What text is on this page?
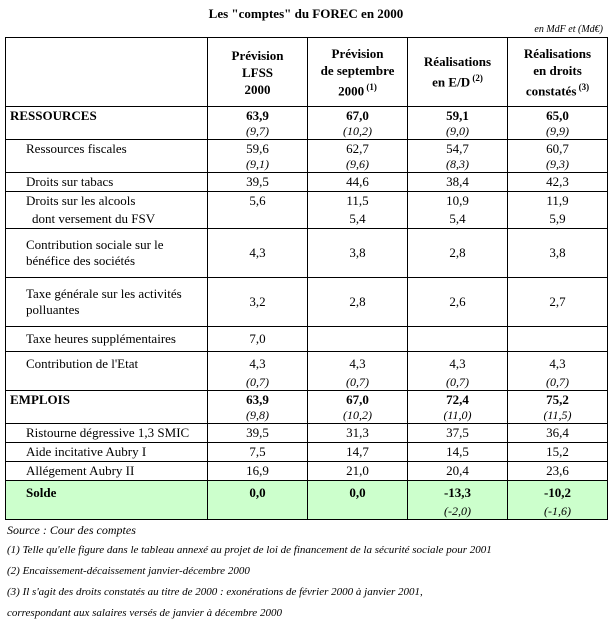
Les "comptes" du FOREC en 2000
en MdF et (Md€)
	Prévision
LFSS
2000	Prévision
de septembre
2000 $^{(1)}$	Réalisations
en E/D $^{(2)}$	Réalisations
en droits
constatés $^{(3)}$
RESSOURCES	63,9	67,0	59,1	65,0
	(9,7)	(10,2)	(9,0)	(9,9)
Ressources fiscales	59,6	62,7	54,7	60,7
	(9,1)	(9,6)	(8,3)	(9,3)
Droits sur tabacs	39,5	44,6	38,4	42,3
Droits sur les alcools	5,6	11,5	10,9	11,9
dont versement du FSV		5,4	5,4	5,9
Contribution sociale sur le bénéfice des sociétés	4,3	3,8	2,8	3,8
Taxe générale sur les activités polluantes	3,2	2,8	2,6	2,7
Taxe heures supplémentaires	7,0			
Contribution de l'Etat	4,3	4,3	4,3	4,3
	(0,7)	(0,7)	(0,7)	(0,7)
EMPLOIS	63,9	67,0	72,4	75,2
	(9,8)	(10,2)	(11,0)	(11,5)
Ristourne dégressive 1,3 SMIC	39,5	31,3	37,5	36,4
Aide incitative Aubry I	7,5	14,7	14,5	15,2
Allégement Aubry II	16,9	21,0	20,4	23,6
Solde	0,0	0,0	-13,3	-10,2
			(-2,0)	(-1,6)
Source : Cour des comptes
(1) Telle qu'elle figure dans le tableau annexé au projet de loi de financement de la sécurité sociale pour 2001
(2) Encaissement-décaissement janvier-décembre 2000
(3) Il s'agit des droits constatés au titre de 2000 : exonérations de février 2000 à janvier 2001,
correspondant aux salaires versés de janvier à décembre 2000
